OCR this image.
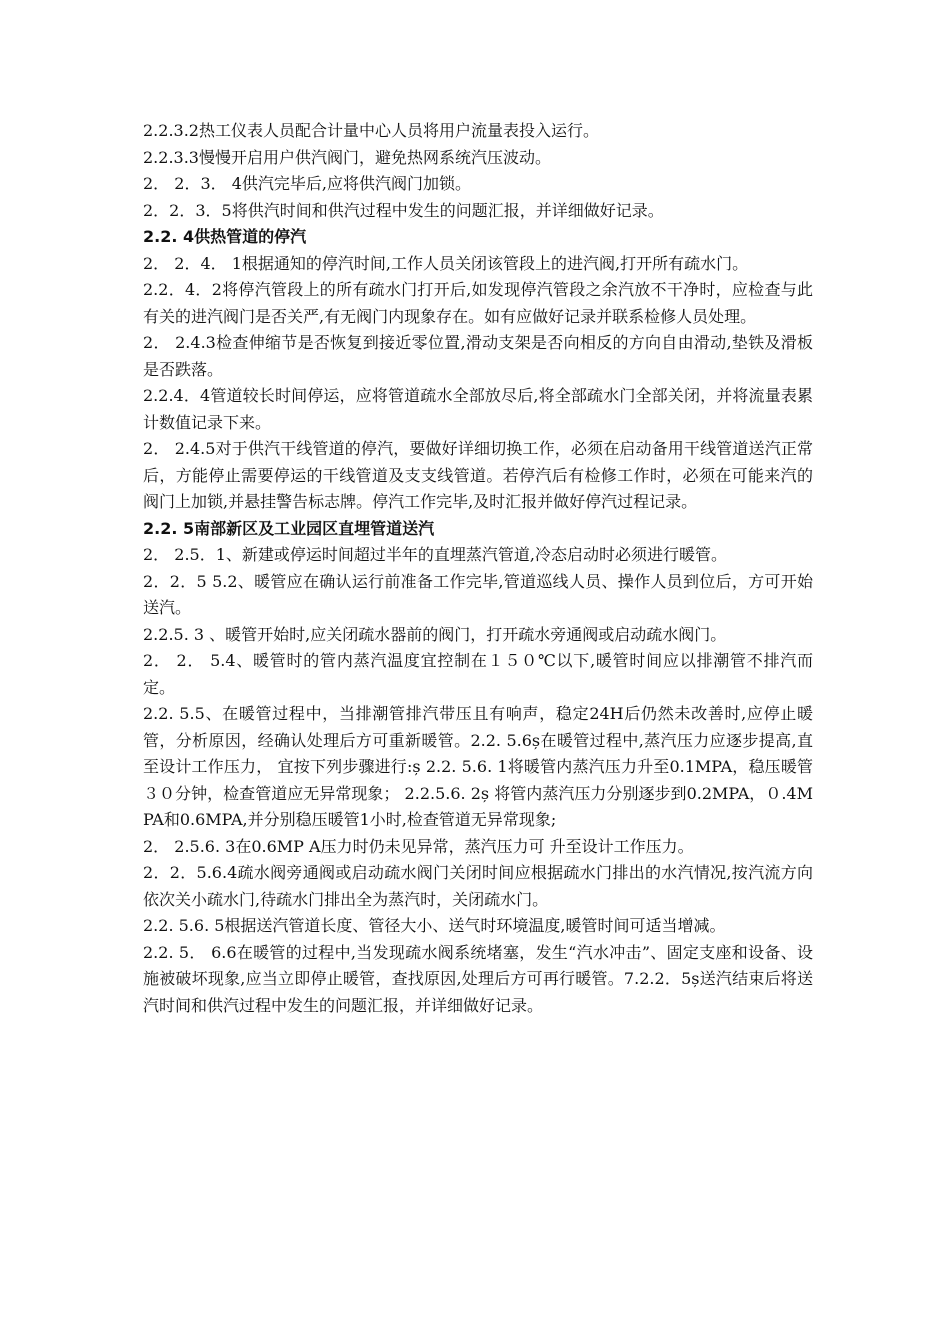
2.2.3.2热工仪表人员配合计量中心人员将用户流量表投入运行。

2.2.3.3慢慢开启用户供汽阀门，避免热网系统汽压波动。

2． 2．3． 4供汽完毕后,应将供汽阀门加锁。

2．2．3．5将供汽时间和供汽过程中发生的问题汇报，并详细做好记录。

2.2. 4供热管道的停汽

2． 2．4． 1根据通知的停汽时间,工作人员关闭该管段上的进汽阀,打开所有疏水门。

2.2．4．2将停汽管段上的所有疏水门打开后,如发现停汽管段之余汽放不干净时，应检查与此有关的进汽阀门是否关严,有无阀门内现象存在。如有应做好记录并联系检修人员处理。

2． 2.4.3检查伸缩节是否恢复到接近零位置,滑动支架是否向相反的方向自由滑动,垫铁及滑板是否跌落。

2.2.4．4管道较长时间停运，应将管道疏水全部放尽后,将全部疏水门全部关闭，并将流量表累计数值记录下来。

2． 2.4.5对于供汽干线管道的停汽，要做好详细切换工作，必须在启动备用干线管道送汽正常后，方能停止需要停运的干线管道及支支线管道。若停汽后有检修工作时，必须在可能来汽的阀门上加锁,并悬挂警告标志牌。停汽工作完毕,及时汇报并做好停汽过程记录。

2.2. 5南部新区及工业园区直埋管道送汽

2． 2.5．1、新建或停运时间超过半年的直埋蒸汽管道,冷态启动时必须进行暖管。

2．2．5 5.2、暖管应在确认运行前准备工作完毕,管道巡线人员、操作人员到位后，方可开始送汽。

2.2.5. 3 、暖管开始时,应关闭疏水器前的阀门，打开疏水旁通阀或启动疏水阀门。

2． 2． 5.4、暖管时的管内蒸汽温度宜控制在１５０℃以下,暖管时间应以排潮管不排汽而定。

2.2. 5.5、在暖管过程中，当排潮管排汽带压且有响声，稳定24H后仍然未改善时,应停止暖管，分析原因，经确认处理后方可重新暖管。2.2. 5.6ș在暖管过程中,蒸汽压力应逐步提高,直至设计工作压力， 宜按下列步骤进行:ș 2.2. 5.6. 1将暖管内蒸汽压力升至0.1MPA，稳压暖管３０分钟，检查管道应无异常现象； 2.2.5.6. 2ș 将管内蒸汽压力分别逐步到0.2MPA，０.4MPA和0.6MPA,并分别稳压暖管1小时,检查管道无异常现象;

2． 2.5.6. 3在0.6MP A压力时仍未见异常，蒸汽压力可 升至设计工作压力。

2．2．5.6.4疏水阀旁通阀或启动疏水阀门关闭时间应根据疏水门排出的水汽情况,按汽流方向依次关小疏水门,待疏水门排出全为蒸汽时，关闭疏水门。

2.2. 5.6. 5根据送汽管道长度、管径大小、送气时环境温度,暖管时间可适当增减。

2.2. 5． 6.6在暖管的过程中,当发现疏水阀系统堵塞，发生“汽水冲击”、固定支座和设备、设施被破坏现象,应当立即停止暖管，查找原因,处理后方可再行暖管。7.2.2．5ș送汽结束后将送汽时间和供汽过程中发生的问题汇报，并详细做好记录。
